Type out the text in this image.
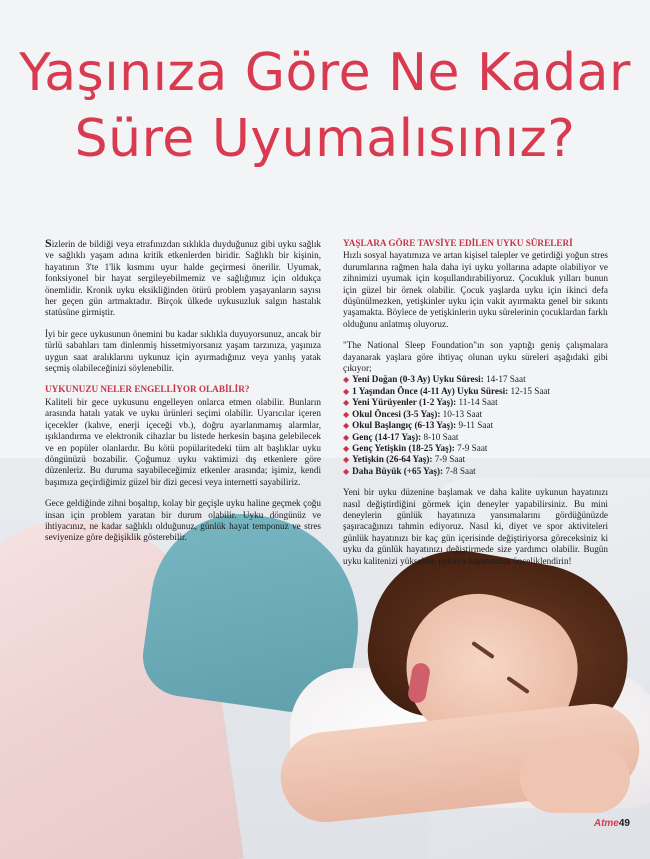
Yaşınıza Göre Ne Kadar
Süre Uyumalısınız?

Sizlerin de bildiği veya etrafınızdan sıklıkla duyduğunuz gibi uyku sağlık ve sağlıklı yaşam adına kritik etkenlerden biridir. Sağlıklı bir kişinin, hayatının 3'te 1'lik kısmını uyur halde geçirmesi önerilir. Uyumak, fonksiyonel bir hayat sergileyebilmemiz ve sağlığımız için oldukça önemlidir. Kronik uyku eksikliğinden ötürü problem yaşayanların sayısı her geçen gün artmaktadır. Birçok ülkede uykusuzluk salgın hastalık statüsüne girmiştir.

İyi bir gece uykusunun önemini bu kadar sıklıkla duyuyorsunuz, ancak bir türlü sabahları tam dinlenmiş hissetmiyorsanız yaşam tarzınıza, yaşınıza uygun saat aralıklarını uykunuz için ayırmadığınız veya yanlış yatak seçmiş olabileceğinizi söylenebilir.

UYKUNUZU NELER ENGELLİYOR OLABİLİR?

Kaliteli bir gece uykusunu engelleyen onlarca etmen olabilir. Bunların arasında hatalı yatak ve uyku ürünleri seçimi olabilir. Uyarıcılar içeren içecekler (kahve, enerji içeceği vb.), doğru ayarlanmamış alarmlar, ışıklandırma ve elektronik cihazlar bu listede herkesin başına gelebilecek ve en popüler olanlardır. Bu kötü popülaritedeki tüm alt başlıklar uyku döngünüzü bozabilir. Çoğumuz uyku vaktimizi dış etkenlere göre düzenleriz. Bu duruma sayabileceğimiz etkenler arasında; işimiz, kendi başımıza geçirdiğimiz güzel bir dizi gecesi veya internetti sayabiliriz.

Gece geldiğinde zihni boşaltıp, kolay bir geçişle uyku haline geçmek çoğu insan için problem yaratan bir durum olabilir. Uyku döngünüz ve ihtiyacınız, ne kadar sağlıklı olduğunuz, günlük hayat temponuz ve stres seviyenize göre değişiklik gösterebilir.

YAŞLARA GÖRE TAVSİYE EDİLEN UYKU SÜRELERİ

Hızlı sosyal hayatımıza ve artan kişisel talepler ve getirdiği yoğun stres durumlarına rağmen hala daha iyi uyku yollarına adapte olabiliyor ve zihnimizi uyumak için koşullandırabiliyoruz. Çocukluk yılları bunun için güzel bir örnek olabilir. Çocuk yaşlarda uyku için ikinci defa düşünülmezken, yetişkinler uyku için vakit ayırmakta genel bir sıkıntı yaşamakta. Böylece de yetişkinlerin uyku sürelerinin çocuklardan farklı olduğunu anlatmış oluyoruz.

"The National Sleep Foundation"ın son yaptığı geniş çalışmalara dayanarak yaşlara göre ihtiyaç olunan uyku süreleri aşağıdaki gibi çıkıyor;

◆ Yeni Doğan (0-3 Ay) Uyku Süresi: 14-17 Saat
◆ 1 Yaşından Önce (4-11 Ay) Uyku Süresi: 12-15 Saat
◆ Yeni Yürüyenler (1-2 Yaş): 11-14 Saat
◆ Okul Öncesi (3-5 Yaş): 10-13 Saat
◆ Okul Başlangıç (6-13 Yaş): 9-11 Saat
◆ Genç (14-17 Yaş): 8-10 Saat
◆ Genç Yetişkin (18-25 Yaş): 7-9 Saat
◆ Yetişkin (26-64 Yaş): 7-9 Saat
◆ Daha Büyük (+65 Yaş): 7-8 Saat

Yeni bir uyku düzenine başlamak ve daha kalite uykunun hayatınızı nasıl değiştirdiğini görmek için deneyler yapabilirsiniz. Bu mini deneylerin günlük hayatınıza yansımalarını gördüğünüzde şaşıracağınızı tahmin ediyoruz. Nasıl ki, diyet ve spor aktiviteleri günlük hayatınızı bir kaç gün içerisinde değiştiriyorsa göreceksiniz ki uyku da günlük hayatınızı değiştirmede size yardımcı olabilir. Bugün uyku kalitenizi yükseltin, uykuyu hayatınızda önceliklendirin!

Atme49
